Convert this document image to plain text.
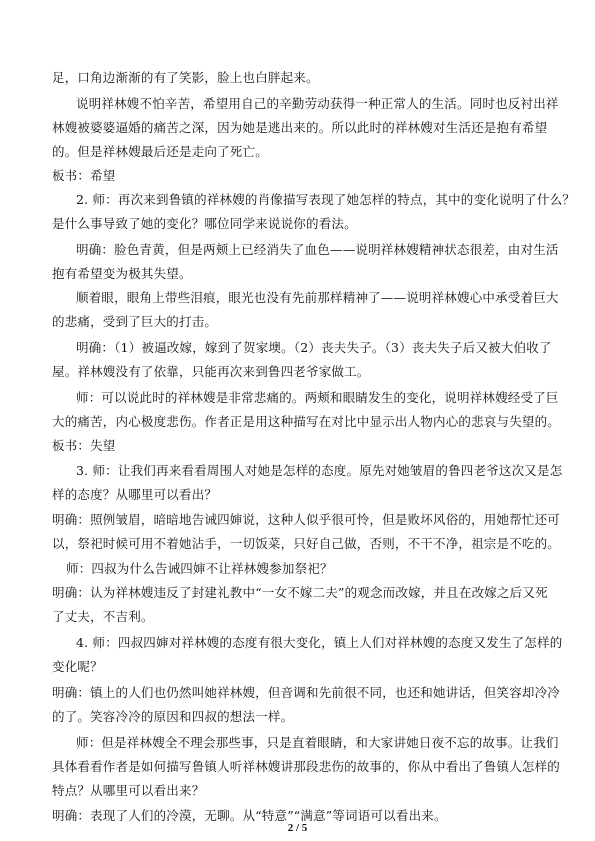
足，口角边渐渐的有了笑影，脸上也白胖起来。
说明祥林嫂不怕辛苦，希望用自己的辛勤劳动获得一种正常人的生活。同时也反衬出祥
林嫂被婆婆逼婚的痛苦之深，因为她是逃出来的。所以此时的祥林嫂对生活还是抱有希望
的。但是祥林嫂最后还是走向了死亡。
板书：希望
2. 师：再次来到鲁镇的祥林嫂的肖像描写表现了她怎样的特点，其中的变化说明了什么？
是什么事导致了她的变化？哪位同学来说说你的看法。
明确：脸色青黄，但是两颊上已经消失了血色——说明祥林嫂精神状态很差，由对生活
抱有希望变为极其失望。
顺着眼，眼角上带些泪痕，眼光也没有先前那样精神了——说明祥林嫂心中承受着巨大
的悲痛，受到了巨大的打击。
明确：（1）被逼改嫁，嫁到了贺家墺。（2）丧夫失子。（3）丧夫失子后又被大伯收了
屋。祥林嫂没有了依靠，只能再次来到鲁四老爷家做工。
师：可以说此时的祥林嫂是非常悲痛的。两颊和眼睛发生的变化，说明祥林嫂经受了巨
大的痛苦，内心极度悲伤。作者正是用这种描写在对比中显示出人物内心的悲哀与失望的。
板书：失望
3. 师：让我们再来看看周围人对她是怎样的态度。原先对她皱眉的鲁四老爷这次又是怎
样的态度？从哪里可以看出？
明确：照例皱眉，暗暗地告诫四婶说，这种人似乎很可怜，但是败坏风俗的，用她帮忙还可
以，祭祀时候可用不着她沾手，一切饭菜，只好自己做，否则，不干不净，祖宗是不吃的。
师：四叔为什么告诫四婶不让祥林嫂参加祭祀？
明确：认为祥林嫂违反了封建礼教中“一女不嫁二夫”的观念而改嫁，并且在改嫁之后又死
了丈夫，不吉利。
4. 师：四叔四婶对祥林嫂的态度有很大变化，镇上人们对祥林嫂的态度又发生了怎样的
变化呢？
明确：镇上的人们也仍然叫她祥林嫂，但音调和先前很不同，也还和她讲话，但笑容却冷冷
的了。笑容冷冷的原因和四叔的想法一样。
师：但是祥林嫂全不理会那些事，只是直着眼睛，和大家讲她日夜不忘的故事。让我们
具体看看作者是如何描写鲁镇人听祥林嫂讲那段悲伤的故事的，你从中看出了鲁镇人怎样的
特点？从哪里可以看出来？
明确：表现了人们的冷漠，无聊。从“特意”“满意”等词语可以看出来。
2 / 5
